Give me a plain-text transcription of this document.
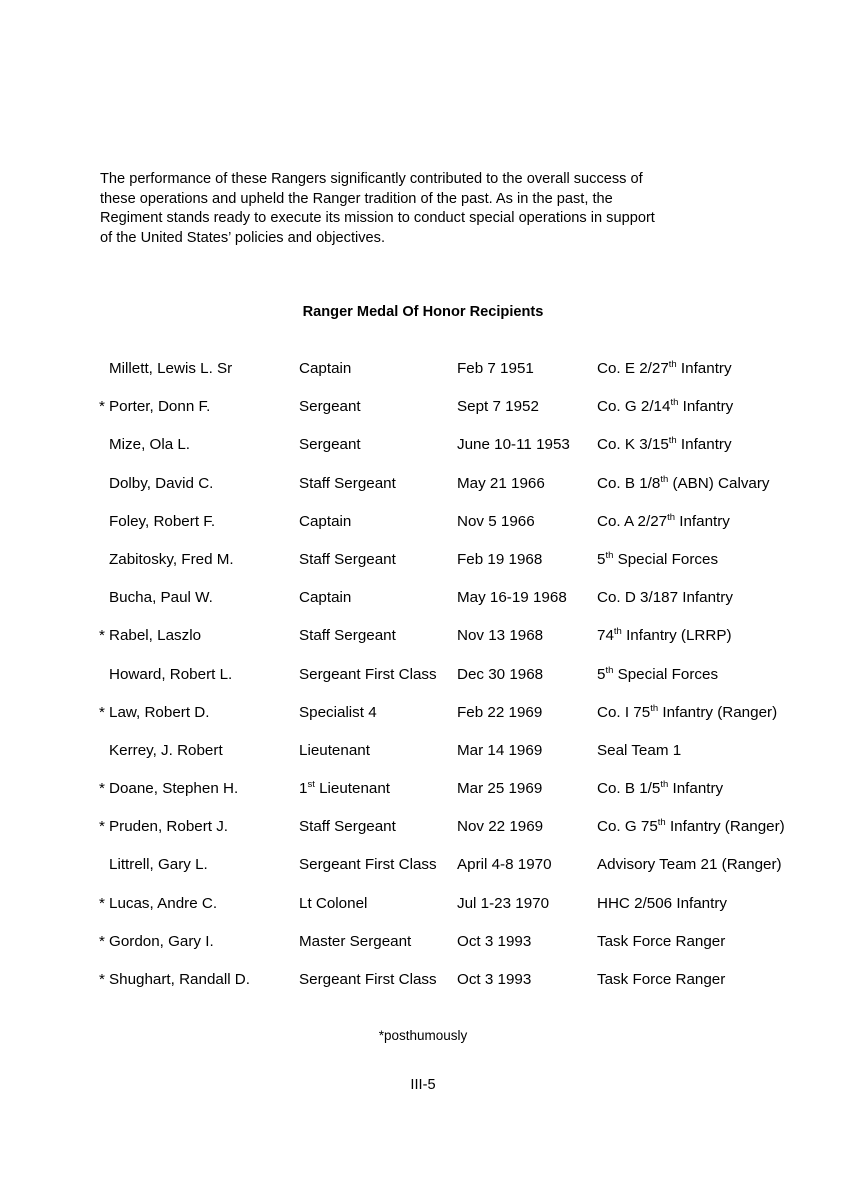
The performance of these Rangers significantly contributed to the overall success of
these operations and upheld the Ranger tradition of the past. As in the past, the
Regiment stands ready to execute its mission to conduct special operations in support
of the United States’ policies and objectives.
Ranger Medal Of Honor Recipients
Millett, Lewis L. Sr	Captain	Feb 7 1951	Co. E 2/27th Infantry
* Porter, Donn F.	Sergeant	Sept 7 1952	Co. G 2/14th Infantry
Mize, Ola L.	Sergeant	June 10-11 1953 Co. K 3/15th Infantry
Dolby, David C.	Staff Sergeant	May 21 1966	Co. B 1/8th (ABN) Calvary
Foley, Robert F.	Captain	Nov 5 1966	Co. A 2/27th Infantry
Zabitosky, Fred M.	Staff Sergeant	Feb 19 1968	5th Special Forces
Bucha, Paul W.	Captain	May 16-19 1968 Co. D 3/187 Infantry
* Rabel, Laszlo	Staff Sergeant	Nov 13 1968	74th Infantry (LRRP)
Howard, Robert L.	Sergeant First Class Dec 30 1968	5th Special Forces
* Law, Robert D.	Specialist 4	Feb 22 1969	Co. I 75th Infantry (Ranger)
Kerrey, J. Robert	Lieutenant	Mar 14 1969	Seal Team 1
* Doane, Stephen H.	1st Lieutenant	Mar 25 1969	Co. B 1/5th Infantry
* Pruden, Robert J.	Staff Sergeant	Nov 22 1969	Co. G 75th Infantry (Ranger)
Littrell, Gary L.	Sergeant First Class April 4-8 1970	Advisory Team 21 (Ranger)
* Lucas, Andre C.	Lt Colonel	Jul 1-23 1970	HHC 2/506 Infantry
* Gordon, Gary I.	Master Sergeant	Oct 3 1993	Task Force Ranger
* Shughart, Randall D.	Sergeant First Class Oct 3 1993	Task Force Ranger
*posthumously
III-5
